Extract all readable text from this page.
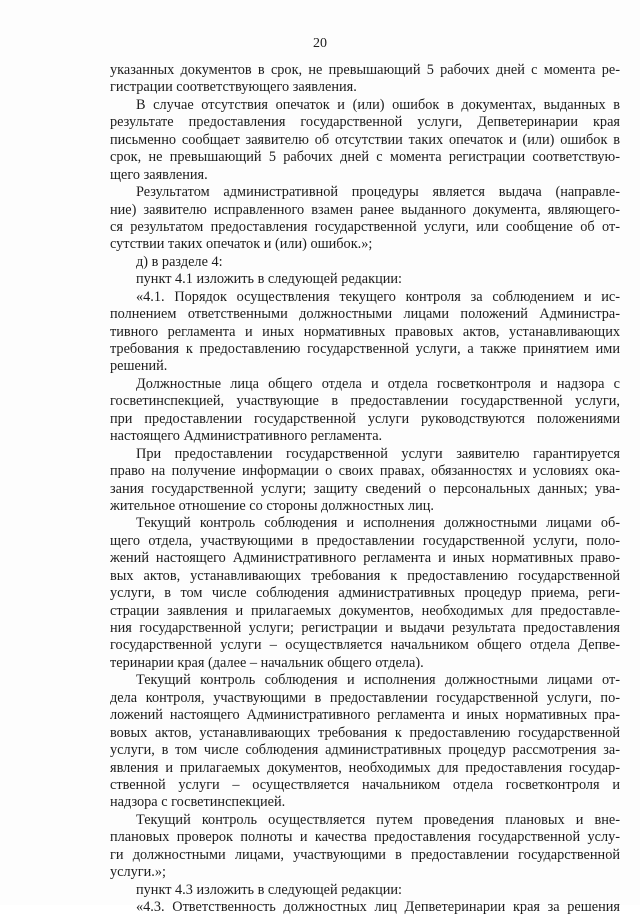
20
указанных документов в срок, не превышающий 5 рабочих дней с момента ре-
гистрации соответствующего заявления.
В случае отсутствия опечаток и (или) ошибок в документах, выданных в
результате предоставления государственной услуги, Депветеринарии края
письменно сообщает заявителю об отсутствии таких опечаток и (или) ошибок в
срок, не превышающий 5 рабочих дней с момента регистрации соответствую-
щего заявления.
Результатом административной процедуры является выдача (направле-
ние) заявителю исправленного взамен ранее выданного документа, являющего-
ся результатом предоставления государственной услуги, или сообщение об от-
сутствии таких опечаток и (или) ошибок.»;
д) в разделе 4:
пункт 4.1 изложить в следующей редакции:
«4.1. Порядок осуществления текущего контроля за соблюдением и ис-
полнением ответственными должностными лицами положений Администра-
тивного регламента и иных нормативных правовых актов, устанавливающих
требования к предоставлению государственной услуги, а также принятием ими
решений.
Должностные лица общего отдела и отдела госветконтроля и надзора с
госветинспекцией, участвующие в предоставлении государственной услуги,
при предоставлении государственной услуги руководствуются положениями
настоящего Административного регламента.
При предоставлении государственной услуги заявителю гарантируется
право на получение информации о своих правах, обязанностях и условиях ока-
зания государственной услуги; защиту сведений о персональных данных; ува-
жительное отношение со стороны должностных лиц.
Текущий контроль соблюдения и исполнения должностными лицами об-
щего отдела, участвующими в предоставлении государственной услуги, поло-
жений настоящего Административного регламента и иных нормативных право-
вых актов, устанавливающих требования к предоставлению государственной
услуги, в том числе соблюдения административных процедур приема, реги-
страции заявления и прилагаемых документов, необходимых для предоставле-
ния государственной услуги; регистрации и выдачи результата предоставления
государственной услуги – осуществляется начальником общего отдела Депве-
теринарии края (далее – начальник общего отдела).
Текущий контроль соблюдения и исполнения должностными лицами от-
дела контроля, участвующими в предоставлении государственной услуги, по-
ложений настоящего Административного регламента и иных нормативных пра-
вовых актов, устанавливающих требования к предоставлению государственной
услуги, в том числе соблюдения административных процедур рассмотрения за-
явления и прилагаемых документов, необходимых для предоставления государ-
ственной услуги – осуществляется начальником отдела госветконтроля и
надзора с госветинспекцией.
Текущий контроль осуществляется путем проведения плановых и вне-
плановых проверок полноты и качества предоставления государственной услу-
ги должностными лицами, участвующими в предоставлении государственной
услуги.»;
пункт 4.3 изложить в следующей редакции:
«4.3. Ответственность должностных лиц Депветеринарии края за решения
